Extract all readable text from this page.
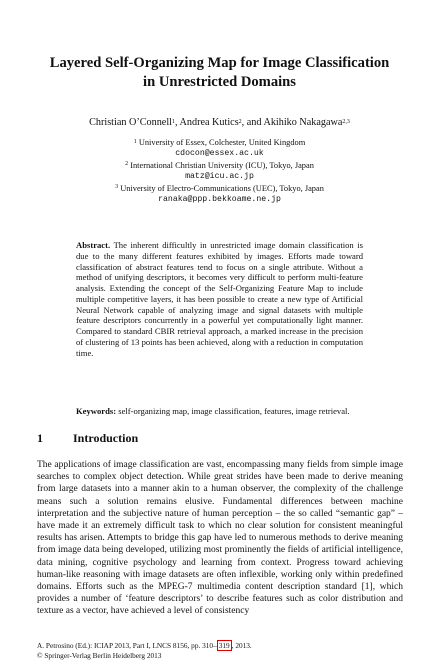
Layered Self-Organizing Map for Image Classification
in Unrestricted Domains
Christian O’Connell$^1$, Andrea Kutics$^2$, and Akihiko Nakagawa$^{2,3}$
$^1$ University of Essex, Colchester, United Kingdom
cdocon@essex.ac.uk
$^2$ International Christian University (ICU), Tokyo, Japan
matz@icu.ac.jp
$^3$ University of Electro-Communications (UEC), Tokyo, Japan
ranaka@ppp.bekkoame.ne.jp
Abstract. The inherent difficultly in unrestricted image domain classification is due to the many different features exhibited by images. Efforts made toward classification of abstract features tend to focus on a single attribute. Without a method of unifying descriptors, it becomes very difficult to perform multi-feature analysis. Extending the concept of the Self-Organizing Feature Map to include multiple competitive layers, it has been possible to create a new type of Artificial Neural Network capable of analyzing image and signal datasets with multiple feature descriptors concurrently in a powerful yet computationally light manner. Compared to standard CBIR retrieval approach, a marked increase in the precision of clustering of 13 points has been achieved, along with a reduction in computation time.
Keywords: self-organizing map, image classification, features, image retrieval.
1	Introduction
The applications of image classification are vast, encompassing many fields from simple image searches to complex object detection. While great strides have been made to derive meaning from large datasets into a manner akin to a human observer, the complexity of the challenge means such a solution remains elusive. Fundamental differences between machine interpretation and the subjective nature of human perception – the so called “semantic gap” – have made it an extremely difficult task to which no clear solution for consistent meaningful results has arisen. Attempts to bridge this gap have led to numerous methods to derive meaning from image data being developed, utilizing most prominently the fields of artificial intelligence, data mining, cognitive psychology and learning from context. Progress toward achieving human-like reasoning with image datasets are often inflexible, working only within predefined domains. Efforts such as the MPEG-7 multimedia content description standard [1], which provides a number of ‘feature descriptors’ to describe features such as color distribution and texture as a vector, have achieved a level of consistency
A. Petrosino (Ed.): ICIAP 2013, Part I, LNCS 8156, pp. 310– 319 , 2013.
© Springer-Verlag Berlin Heidelberg 2013
